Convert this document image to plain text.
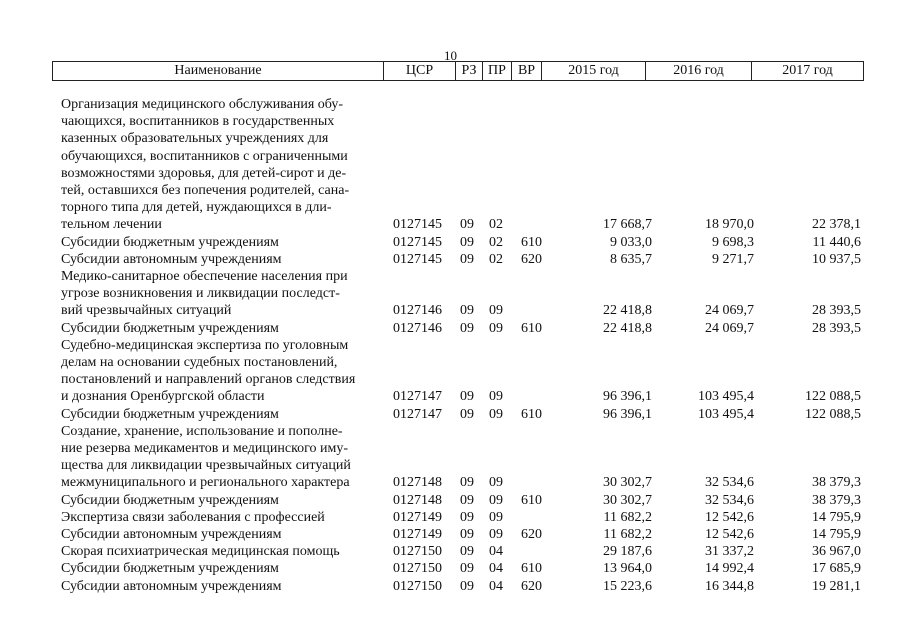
10
Наименование	ЦСР	РЗ ПР ВР	2015 год	2016 год	2017 год
Организация медицинского обслуживания обу-
чающихся, воспитанников в государственных
казенных образовательных учреждениях для
обучающихся, воспитанников с ограниченными
возможностями здоровья, для детей-сирот и де-
тей, оставшихся без попечения родителей, сана-
торного типа для детей, нуждающихся в дли-
тельном лечении	0127145 09 02	17 668,7	18 970,0	22 378,1
Субсидии бюджетным учреждениям	0127145 09 02 610	9 033,0	9 698,3	11 440,6
Субсидии автономным учреждениям	0127145 09 02 620	8 635,7	9 271,7	10 937,5
Медико-санитарное обеспечение населения при
угрозе возникновения и ликвидации последст-
вий чрезвычайных ситуаций	0127146 09 09	22 418,8	24 069,7	28 393,5
Субсидии бюджетным учреждениям	0127146 09 09 610	22 418,8	24 069,7	28 393,5
Судебно-медицинская экспертиза по уголовным
делам на основании судебных постановлений,
постановлений и направлений органов следствия
и дознания Оренбургской области	0127147 09 09	96 396,1	103 495,4	122 088,5
Субсидии бюджетным учреждениям	0127147 09 09 610	96 396,1	103 495,4	122 088,5
Создание, хранение, использование и пополне-
ние резерва медикаментов и медицинского иму-
щества для ликвидации чрезвычайных ситуаций
межмуниципального и регионального характера	0127148 09 09	30 302,7	32 534,6	38 379,3
Субсидии бюджетным учреждениям	0127148 09 09 610	30 302,7	32 534,6	38 379,3
Экспертиза связи заболевания с профессией	0127149 09 09	11 682,2	12 542,6	14 795,9
Субсидии автономным учреждениям	0127149 09 09 620	11 682,2	12 542,6	14 795,9
Скорая психиатрическая медицинская помощь	0127150 09 04	29 187,6	31 337,2	36 967,0
Субсидии бюджетным учреждениям	0127150 09 04 610	13 964,0	14 992,4	17 685,9
Субсидии автономным учреждениям	0127150 09 04 620	15 223,6	16 344,8	19 281,1
